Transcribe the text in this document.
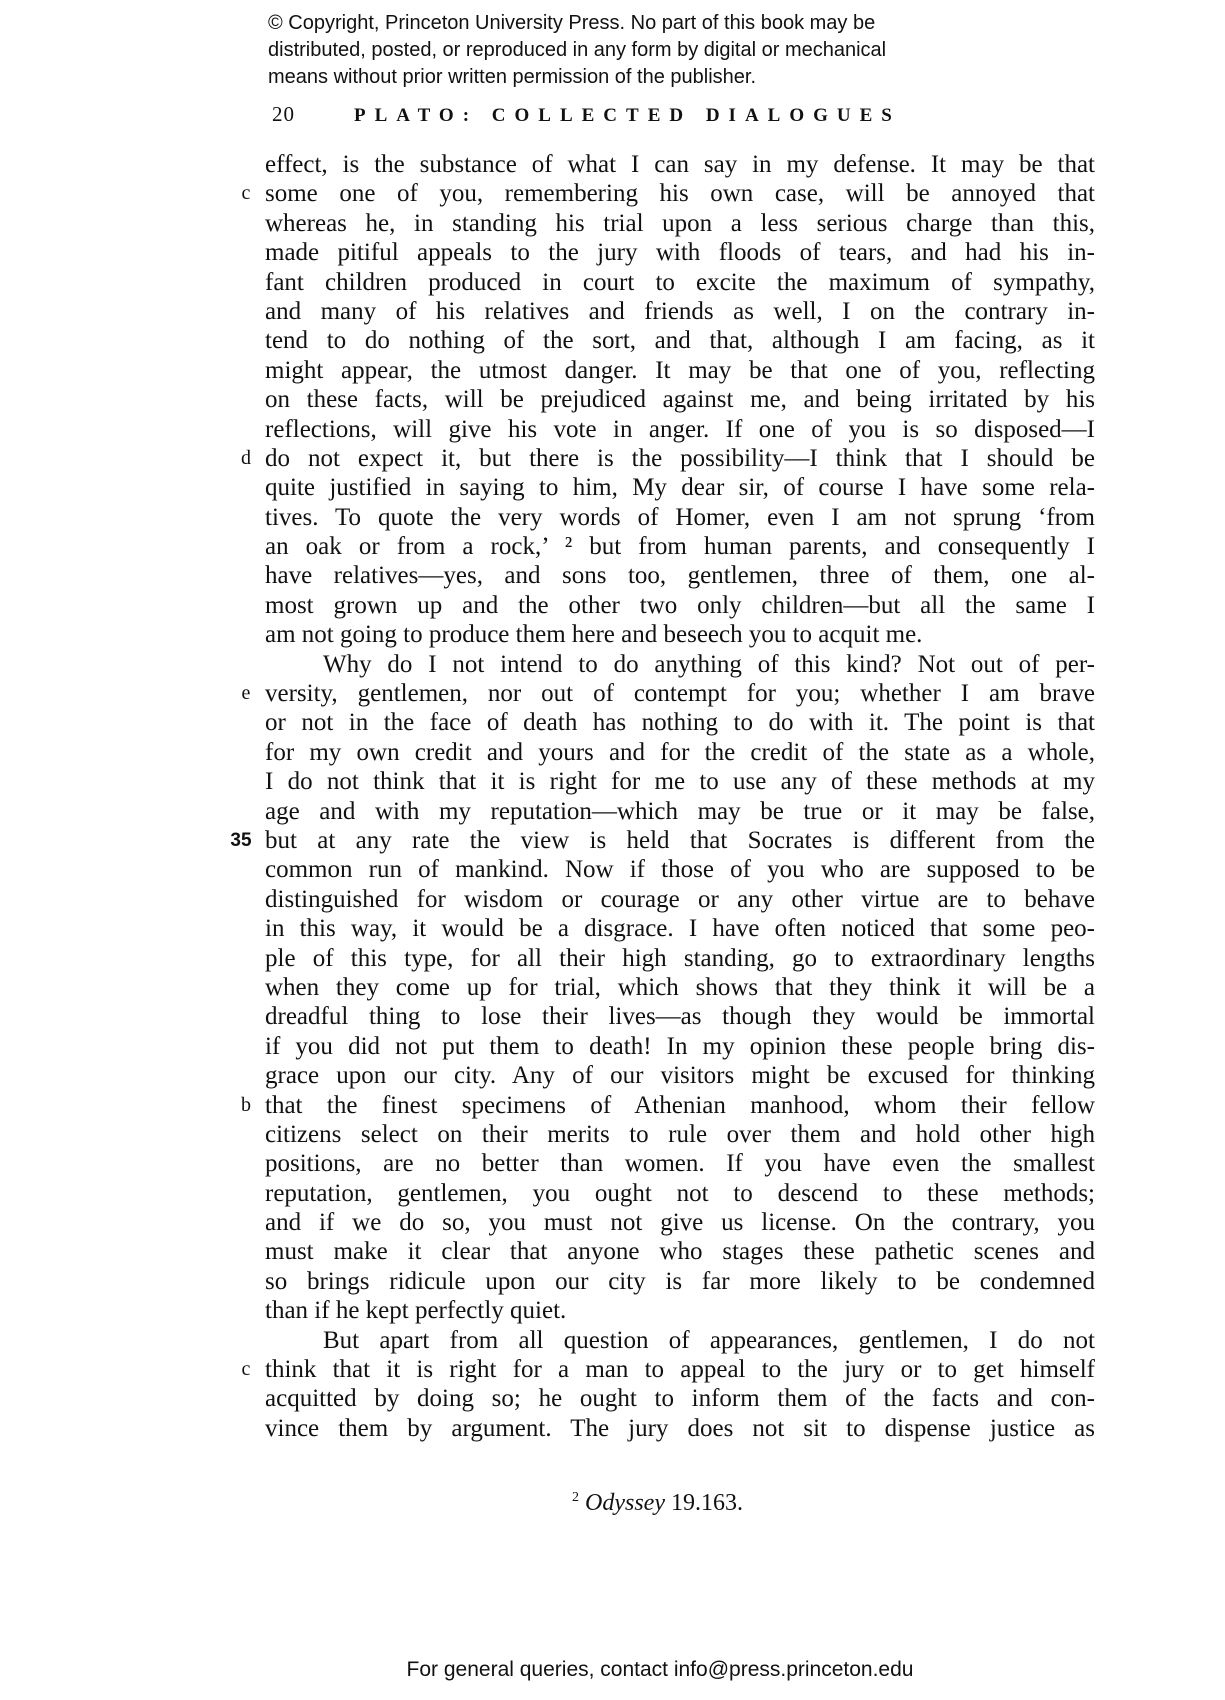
© Copyright, Princeton University Press. No part of this book may be
distributed, posted, or reproduced in any form by digital or mechanical
means without prior written permission of the publisher.
20	PLATO: COLLECTED DIALOGUES
effect, is the substance of what I can say in my defense. It may be that
c some one of you, remembering his own case, will be annoyed that
whereas he, in standing his trial upon a less serious charge than this,
made pitiful appeals to the jury with floods of tears, and had his in-
fant children produced in court to excite the maximum of sympathy,
and many of his relatives and friends as well, I on the contrary in-
tend to do nothing of the sort, and that, although I am facing, as it
might appear, the utmost danger. It may be that one of you, reflecting
on these facts, will be prejudiced against me, and being irritated by his
reflections, will give his vote in anger. If one of you is so disposed—I
d do not expect it, but there is the possibility—I think that I should be
quite justified in saying to him, My dear sir, of course I have some rela-
tives. To quote the very words of Homer, even I am not sprung ‘from
an oak or from a rock,’ ² but from human parents, and consequently I
have relatives—yes, and sons too, gentlemen, three of them, one al-
most grown up and the other two only children—but all the same I
am not going to produce them here and beseech you to acquit me.
Why do I not intend to do anything of this kind? Not out of per-
e versity, gentlemen, nor out of contempt for you; whether I am brave
or not in the face of death has nothing to do with it. The point is that
for my own credit and yours and for the credit of the state as a whole,
I do not think that it is right for me to use any of these methods at my
age and with my reputation—which may be true or it may be false,
35 but at any rate the view is held that Socrates is different from the
common run of mankind. Now if those of you who are supposed to be
distinguished for wisdom or courage or any other virtue are to behave
in this way, it would be a disgrace. I have often noticed that some peo-
ple of this type, for all their high standing, go to extraordinary lengths
when they come up for trial, which shows that they think it will be a
dreadful thing to lose their lives—as though they would be immortal
if you did not put them to death! In my opinion these people bring dis-
grace upon our city. Any of our visitors might be excused for thinking
b that the finest specimens of Athenian manhood, whom their fellow
citizens select on their merits to rule over them and hold other high
positions, are no better than women. If you have even the smallest
reputation, gentlemen, you ought not to descend to these methods;
and if we do so, you must not give us license. On the contrary, you
must make it clear that anyone who stages these pathetic scenes and
so brings ridicule upon our city is far more likely to be condemned
than if he kept perfectly quiet.
But apart from all question of appearances, gentlemen, I do not
c think that it is right for a man to appeal to the jury or to get himself
acquitted by doing so; he ought to inform them of the facts and con-
vince them by argument. The jury does not sit to dispense justice as
$^2$ Odyssey 19.163.
For general queries, contact info@press.princeton.edu
